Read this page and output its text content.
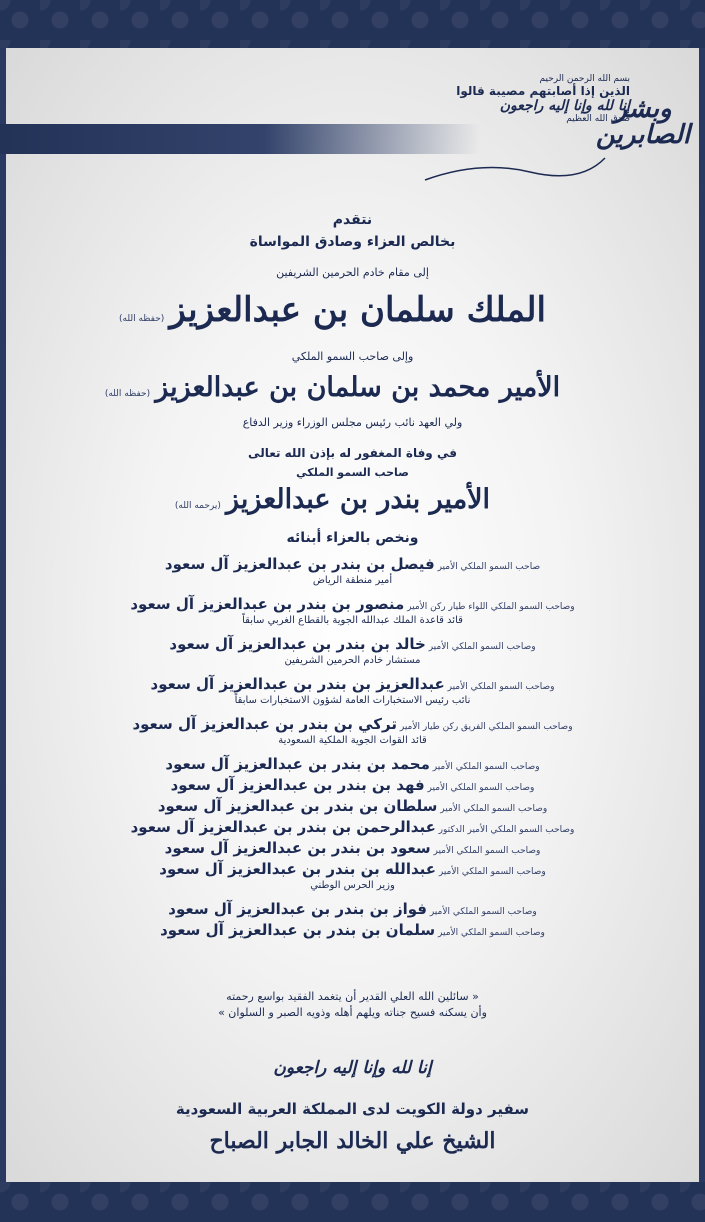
بسم الله الرحمن الرحيم
الذين إذا أصابتهم مصيبة قالوا
إنا لله وإنا إليه راجعون
صدق الله العظيم
وبشر الصابرين
نتقدم
بخالص العزاء وصادق المواساة
إلى مقام خادم الحرمين الشريفين
الملك سلمان بن عبدالعزيز (حفظه الله)
وإلى صاحب السمو الملكي
الأمير محمد بن سلمان بن عبدالعزيز (حفظه الله)
ولي العهد نائب رئيس مجلس الوزراء وزير الدفاع
في وفاة المغفور له بإذن الله تعالى
صاحب السمو الملكي
الأمير بندر بن عبدالعزيز (يرحمه الله)
ونخص بالعزاء أبنائه
صاحب السمو الملكي الأمير فيصل بن بندر بن عبدالعزيز آل سعود
أمير منطقة الرياض
وصاحب السمو الملكي اللواء طيار ركن الأمير منصور بن بندر بن عبدالعزيز آل سعود
قائد قاعدة الملك عبدالله الجوية بالقطاع الغربي سابقاً
وصاحب السمو الملكي الأمير خالد بن بندر بن عبدالعزيز آل سعود
مستشار خادم الحرمين الشريفين
وصاحب السمو الملكي الأمير عبدالعزيز بن بندر بن عبدالعزيز آل سعود
نائب رئيس الاستخبارات العامة لشؤون الاستخبارات سابقاً
وصاحب السمو الملكي الفريق ركن طيار الأمير تركي بن بندر بن عبدالعزيز آل سعود
قائد القوات الجوية الملكية السعودية
وصاحب السمو الملكي الأمير محمد بن بندر بن عبدالعزيز آل سعود
وصاحب السمو الملكي الأمير فهد بن بندر بن عبدالعزيز آل سعود
وصاحب السمو الملكي الأمير سلطان بن بندر بن عبدالعزيز آل سعود
وصاحب السمو الملكي الأمير الدكتور عبدالرحمن بن بندر بن عبدالعزيز آل سعود
وصاحب السمو الملكي الأمير سعود بن بندر بن عبدالعزيز آل سعود
وصاحب السمو الملكي الأمير عبدالله بن بندر بن عبدالعزيز آل سعود
وزير الحرس الوطني
وصاحب السمو الملكي الأمير فواز بن بندر بن عبدالعزيز آل سعود
وصاحب السمو الملكي الأمير سلمان بن بندر بن عبدالعزيز آل سعود
« سائلين الله العلي القدير أن يتغمد الفقيد بواسع رحمته
وأن يسكنه فسيح جناته ويلهم أهله وذويه الصبر و السلوان »
إنا لله وإنا إليه راجعون
سفير دولة الكويت لدى المملكة العربية السعودية
الشيخ علي الخالد الجابر الصباح
